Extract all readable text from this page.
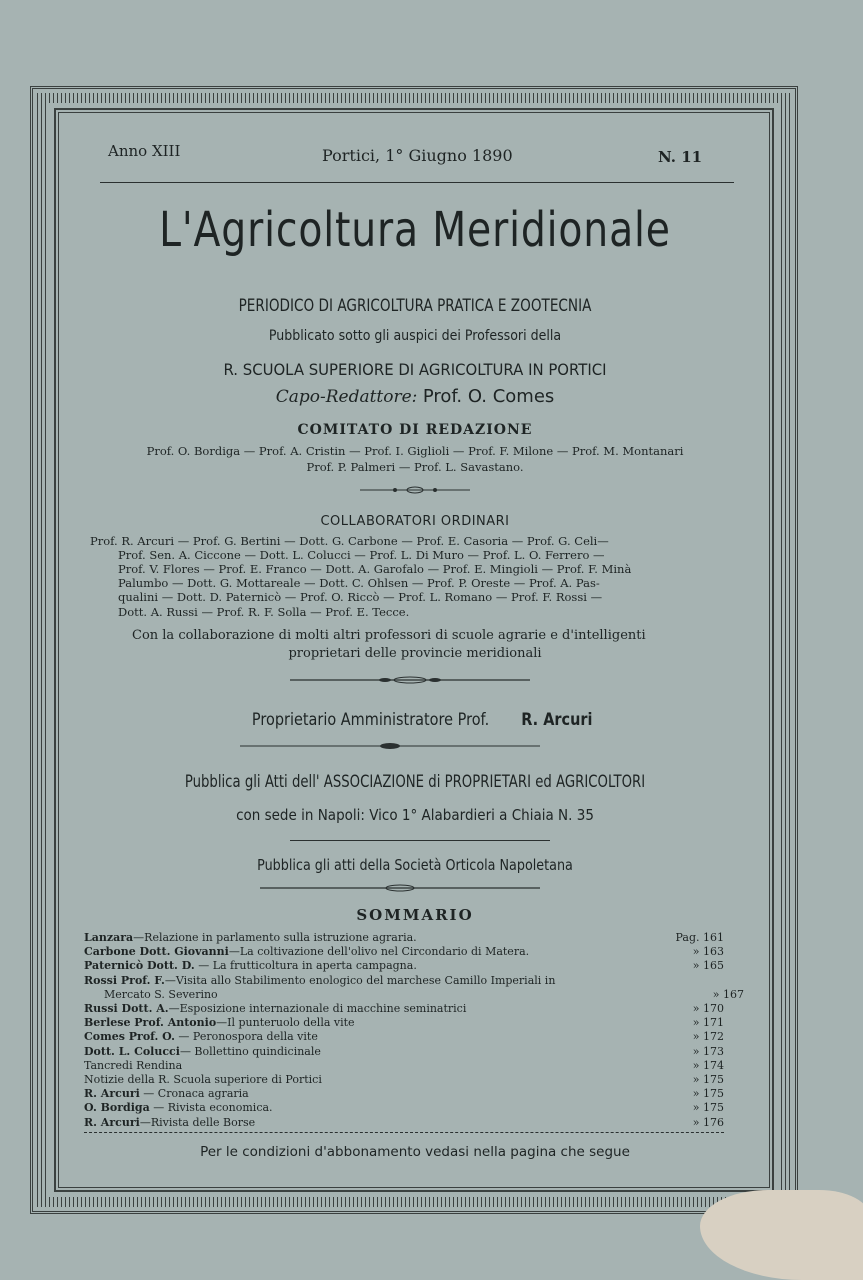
Anno XIII	Portici, 1° Giugno 1890	N. 11
L'Agricoltura Meridionale
PERIODICO DI AGRICOLTURA PRATICA E ZOOTECNIA
Pubblicato sotto gli auspici dei Professori della
R. SCUOLA SUPERIORE DI AGRICOLTURA IN PORTICI
Capo-Redattore: Prof. O. Comes
COMITATO DI REDAZIONE
Prof. O. Bordiga — Prof. A. Cristin — Prof. I. Giglioli — Prof. F. Milone — Prof. M. Montanari
Prof. P. Palmeri — Prof. L. Savastano.
COLLABORATORI ORDINARI
Prof. R. Arcuri — Prof. G. Bertini — Dott. G. Carbone — Prof. E. Casoria — Prof. G. Celi—
Prof. Sen. A. Ciccone — Dott. L. Colucci — Prof. L. Di Muro — Prof. L. O. Ferrero —
Prof. V. Flores — Prof. E. Franco — Dott. A. Garofalo — Prof. E. Mingioli — Prof. F. Minà
Palumbo — Dott. G. Mottareale — Dott. C. Ohlsen — Prof. P. Oreste — Prof. A. Pas-
qualini — Dott. D. Paternicò — Prof. O. Riccò — Prof. L. Romano — Prof. F. Rossi —
Dott. A. Russi — Prof. R. F. Solla — Prof. E. Tecce.
Con la collaborazione di molti altri professori di scuole agrarie e d'intelligenti
proprietari delle provincie meridionali
Proprietario Amministratore Prof. R. Arcuri
Pubblica gli Atti dell' ASSOCIAZIONE di PROPRIETARI ed AGRICOLTORI
con sede in Napoli: Vico 1° Alabardieri a Chiaia N. 35
Pubblica gli atti della Società Orticola Napoletana
SOMMARIO
Lanzara—Relazione in parlamento sulla istruzione agraria.	Pag. 161
Carbone Dott. Giovanni—La coltivazione dell'olivo nel Circondario di Matera.	» 163
Paternicò Dott. D. — La frutticoltura in aperta campagna.	» 165
Rossi Prof. F.—Visita allo Stabilimento enologico del marchese Camillo Imperiali in
Mercato S. Severino	» 167
Russi Dott. A.—Esposizione internazionale di macchine seminatrici	» 170
Berlese Prof. Antonio—Il punteruolo della vite	» 171
Comes Prof. O. — Peronospora della vite	» 172
Dott. L. Colucci— Bollettino quindicinale	» 173
Tancredi Rendina	» 174
Notizie della R. Scuola superiore di Portici	» 175
R. Arcuri — Cronaca agraria	» 175
O. Bordiga — Rivista economica.	» 175
R. Arcuri—Rivista delle Borse	» 176
Per le condizioni d'abbonamento vedasi nella pagina che segue
